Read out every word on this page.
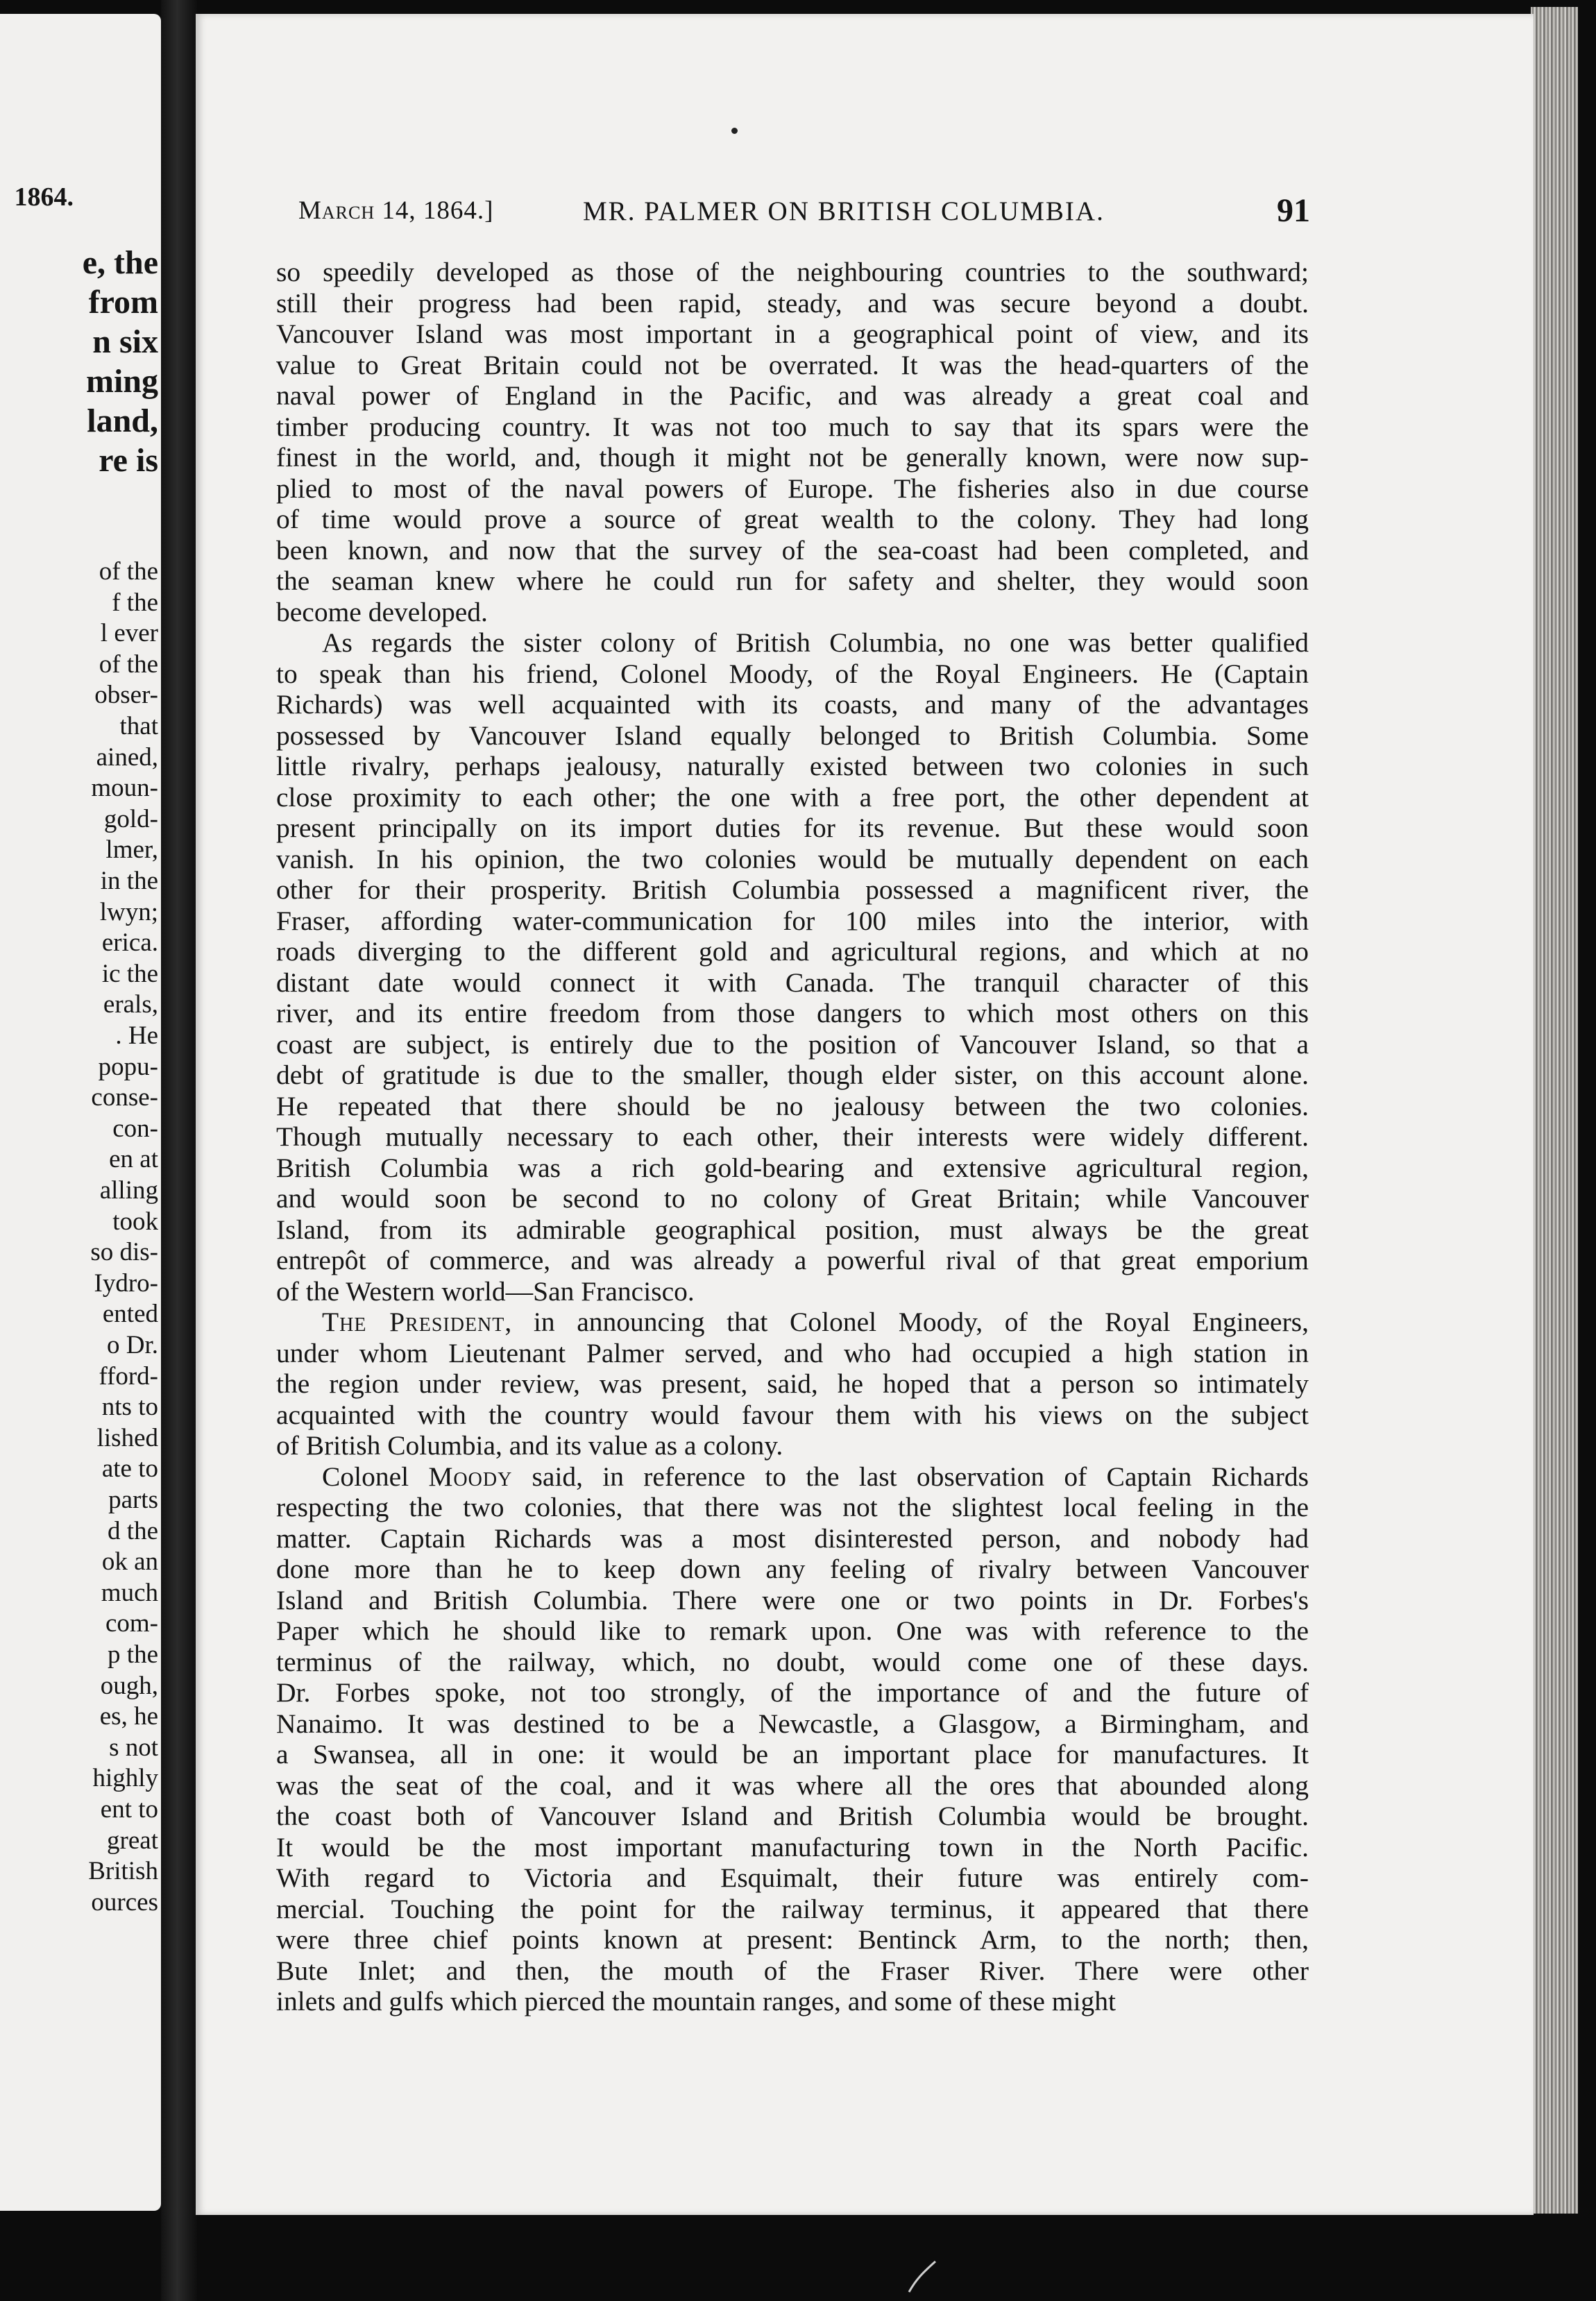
1864.
e, the
from
n six
ming
land,
re is
of the
f the
l ever
of the
obser-
that
ained,
moun-
gold-
lmer,
in the
lwyn;
erica.
ic the
erals,
. He
popu-
conse-
con-
en at
alling
took
so dis-
Iydro-
ented
o Dr.
fford-
nts to
lished
ate to
parts
d the
ok an
much
com-
p the
ough,
es, he
s not
highly
ent to
great
British
ources
March 14, 1864.]	MR. PALMER ON BRITISH COLUMBIA.	91
so speedily developed as those of the neighbouring countries to the southward;
still their progress had been rapid, steady, and was secure beyond a doubt.
Vancouver Island was most important in a geographical point of view, and its
value to Great Britain could not be overrated. It was the head-quarters of the
naval power of England in the Pacific, and was already a great coal and
timber producing country. It was not too much to say that its spars were the
finest in the world, and, though it might not be generally known, were now sup-
plied to most of the naval powers of Europe. The fisheries also in due course
of time would prove a source of great wealth to the colony. They had long
been known, and now that the survey of the sea-coast had been completed, and
the seaman knew where he could run for safety and shelter, they would soon
become developed.
As regards the sister colony of British Columbia, no one was better qualified
to speak than his friend, Colonel Moody, of the Royal Engineers. He (Captain
Richards) was well acquainted with its coasts, and many of the advantages
possessed by Vancouver Island equally belonged to British Columbia. Some
little rivalry, perhaps jealousy, naturally existed between two colonies in such
close proximity to each other; the one with a free port, the other dependent at
present principally on its import duties for its revenue. But these would soon
vanish. In his opinion, the two colonies would be mutually dependent on each
other for their prosperity. British Columbia possessed a magnificent river, the
Fraser, affording water-communication for 100 miles into the interior, with
roads diverging to the different gold and agricultural regions, and which at no
distant date would connect it with Canada. The tranquil character of this
river, and its entire freedom from those dangers to which most others on this
coast are subject, is entirely due to the position of Vancouver Island, so that a
debt of gratitude is due to the smaller, though elder sister, on this account alone.
He repeated that there should be no jealousy between the two colonies.
Though mutually necessary to each other, their interests were widely different.
British Columbia was a rich gold-bearing and extensive agricultural region,
and would soon be second to no colony of Great Britain; while Vancouver
Island, from its admirable geographical position, must always be the great
entrepôt of commerce, and was already a powerful rival of that great emporium
of the Western world—San Francisco.
The President, in announcing that Colonel Moody, of the Royal Engineers,
under whom Lieutenant Palmer served, and who had occupied a high station in
the region under review, was present, said, he hoped that a person so intimately
acquainted with the country would favour them with his views on the subject
of British Columbia, and its value as a colony.
Colonel Moody said, in reference to the last observation of Captain Richards
respecting the two colonies, that there was not the slightest local feeling in the
matter. Captain Richards was a most disinterested person, and nobody had
done more than he to keep down any feeling of rivalry between Vancouver
Island and British Columbia. There were one or two points in Dr. Forbes's
Paper which he should like to remark upon. One was with reference to the
terminus of the railway, which, no doubt, would come one of these days.
Dr. Forbes spoke, not too strongly, of the importance of and the future of
Nanaimo. It was destined to be a Newcastle, a Glasgow, a Birmingham, and
a Swansea, all in one: it would be an important place for manufactures. It
was the seat of the coal, and it was where all the ores that abounded along
the coast both of Vancouver Island and British Columbia would be brought.
It would be the most important manufacturing town in the North Pacific.
With regard to Victoria and Esquimalt, their future was entirely com-
mercial. Touching the point for the railway terminus, it appeared that there
were three chief points known at present: Bentinck Arm, to the north; then,
Bute Inlet; and then, the mouth of the Fraser River. There were other
inlets and gulfs which pierced the mountain ranges, and some of these might
